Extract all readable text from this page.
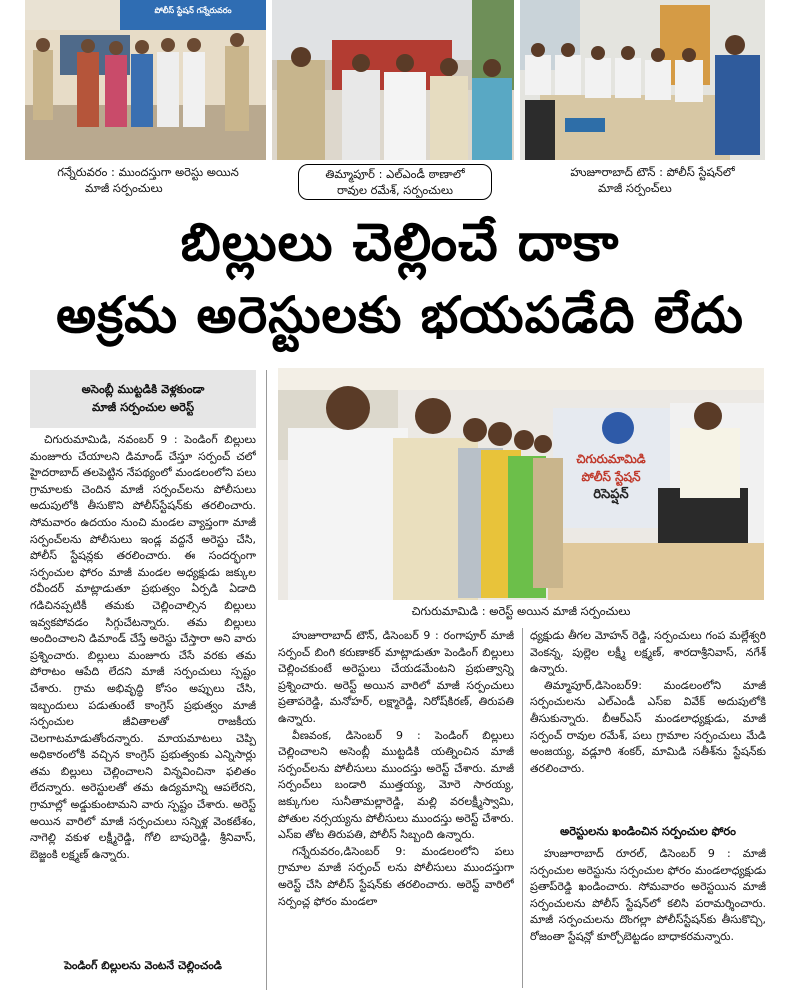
పోలీస్ స్టేషన్ గన్నేరువరం
గన్నేరువరం : ముందస్తుగా అరెస్టు అయిన
మాజీ సర్పంచులు
తిమ్మాపూర్ : ఎల్ఎండీ ఠాణాలో
రావుల రమేశ్, సర్పంచులు
హుజూరాబాద్ టౌన్ : పోలీస్ స్టేషన్‌లో
మాజీ సర్పంచ్‌లు
బిల్లులు చెల్లించే దాకా
అక్రమ అరెస్టులకు భయపడేది లేదు
అసెంబ్లీ ముట్టడికి వెళ్లకుండా
మాజీ సర్పంచుల అరెస్ట్
చిగురుమామిడి
పోలీస్ స్టేషన్
రిసెప్షన్
చిగురుమామిడి : అరెస్ట్ అయిన మాజీ సర్పంచులు

చిగురుమామిడి, నవంబర్ 9 : పెండింగ్ బిల్లులు మంజూరు చేయాలని డిమాండ్ చేస్తూ సర్పంచ్ చలో హైదరాబాద్ తలపెట్టిన నేపథ్యంలో మండలంలోని పలు గ్రామాలకు చెందిన మాజీ సర్పంచ్‌లను పోలీసులు అదుపులోకి తీసుకొని పోలీస్‌స్టేషన్‌కు తరలించారు. సోమవారం ఉదయం నుంచి మండల వ్యాప్తంగా మాజీ సర్పంచ్‌లను పోలీసులు ఇండ్ల వద్దనే అరెస్టు చేసి, పోలీస్ స్టేషన్లకు తరలించారు. ఈ సందర్భంగా సర్పంచుల ఫోరం మాజీ మండల అధ్యక్షుడు జక్కుల రవీందర్ మాట్లాడుతూ ప్రభుత్వం ఏర్పడి ఏడాది గడిచినప్పటికీ తమకు చెల్లించాల్సిన బిల్లులు ఇవ్వకపోవడం సిగ్గుచేటన్నారు. తమ బిల్లులు అందించాలని డిమాండ్ చేస్తే అరెస్టు చేస్తారా అని వారు ప్రశ్నించారు. బిల్లులు మంజూరు చేసే వరకు తమ పోరాటం ఆపేది లేదని మాజీ సర్పంచులు స్పష్టం చేశారు. గ్రామ అభివృద్ధి కోసం అప్పులు చేసి, ఇబ్బందులు పడుతుంటే కాంగ్రెస్ ప్రభుత్వం మాజీ సర్పంచుల జీవితాలతో రాజకీయ చెలగాటమాడుతోందన్నారు. మాయమాటలు చెప్పి అధికారంలోకి వచ్చిన కాంగ్రెస్ ప్రభుత్వంకు ఎన్నిసార్లు తమ బిల్లులు చెల్లించాలని విన్నవించినా ఫలితం లేదన్నారు. అరెస్టులతో తమ ఉద్యమాన్ని ఆపలేరని, గ్రామాల్లో అడ్డుకుంటామని వారు స్పష్టం చేశారు. అరెస్ట్ అయిన వారిలో మాజీ సర్పంచులు సన్నిళ్ల వెంకటేశం, నాగెల్లి వకుళ లక్ష్మీరెడ్డి, గోలి బాపురెడ్డి, శ్రీనివాస్, బెజ్జంకి లక్ష్మణ్ ఉన్నారు.

పెండింగ్ బిల్లులను వెంటనే చెల్లించండి

హుజూరాబాద్ టౌన్, డిసెంబర్ 9 : రంగాపూర్ మాజీ సర్పంచ్ బింగి కరుణాకర్ మాట్లాడుతూ పెండింగ్ బిల్లులు చెల్లించకుంటే అరెస్టులు చేయడమేంటని ప్రభుత్వాన్ని ప్రశ్నించారు. అరెస్ట్ అయిన వారిలో మాజీ సర్పంచులు ప్రతాపరెడ్డి, మనోహర్, లక్ష్మారెడ్డి, నిరోష్‌కిరణ్, తిరుపతి ఉన్నారు.

వీణవంక, డిసెంబర్ 9 : పెండింగ్ బిల్లులు చెల్లించాలని అసెంబ్లీ ముట్టడికి యత్నించిన మాజీ సర్పంచ్‌లను పోలీసులు ముందస్తు అరెస్ట్ చేశారు. మాజీ సర్పంచ్‌లు బండారి ముత్తయ్య, మోరె సారయ్య, జక్కుగుల సునీతామల్లారెడ్డి, మల్లి వరలక్ష్మీస్వామి, పోతుల నర్సయ్యను పోలీసులు ముందస్తు అరెస్ట్ చేశారు. ఎస్ఐ తోట తిరుపతి, పోలీస్ సిబ్బంది ఉన్నారు.

గన్నేరువరం,డిసెంబర్ 9: మండలంలోని పలు గ్రామాల మాజీ సర్పంచ్ లను పోలీసులు ముందస్తుగా అరెస్ట్ చేసి పోలీస్ స్టేషన్‌కు తరలించారు. అరెస్ట్ వారిలో సర్పంచ్ల ఫోరం మండలా

ధ్యక్షుడు తీగల మోహన్ రెడ్డి, సర్పంచులు గంప మల్లేశ్వరి వెంకన్న, పుల్లెల లక్ష్మీ లక్ష్మణ్, శారదాశ్రీనివాస్, నగేశ్ ఉన్నారు.

తిమ్మాపూర్,డిసెంబర్9: మండలంలోని మాజీ సర్పంచులను ఎల్ఎండీ ఎస్ఐ వివేక్ అదుపులోకి తీసుకున్నారు. బీఆర్ఎస్ మండలాధ్యక్షుడు, మాజీ సర్పంచ్ రావుల రమేశ్, పలు గ్రామాల సర్పంచులు మేడి అంజయ్య, వడ్లూరి శంకర్, మామిడి సతీశ్‌ను స్టేషన్‌కు తరలించారు.

అరెస్టులను ఖండించిన సర్పంచుల ఫోరం

హుజూరాబాద్ రూరల్, డిసెంబర్ 9 : మాజీ సర్పంచుల అరెస్టును సర్పంచుల ఫోరం మండలాధ్యక్షుడు ప్రతాప్‌రెడ్డి ఖండించారు. సోమవారం అరెస్టయిన మాజీ సర్పంచులను పోలీస్ స్టేషన్‌లో కలిసి పరామర్శించారు. మాజీ సర్పంచులను దొంగల్లా పోలీస్‌స్టేషన్‌కు తీసుకొచ్చి, రోజంతా స్టేషన్లో కూర్చోబెట్టడం బాధాకరమన్నారు.
